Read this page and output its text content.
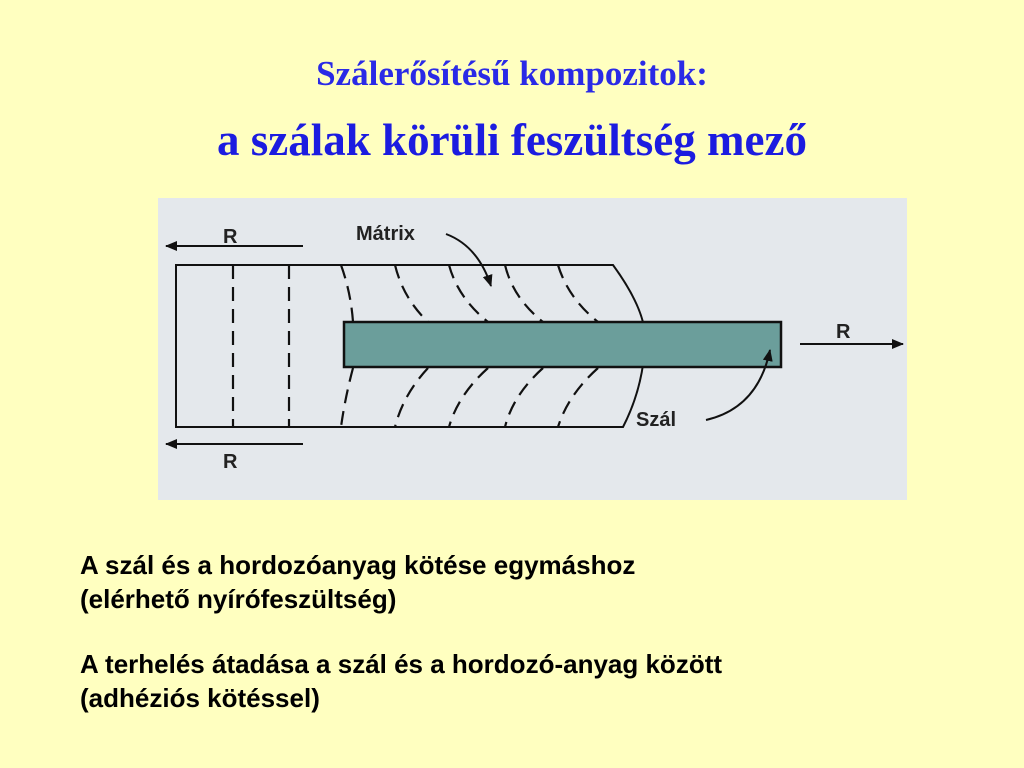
Szálerősítésű kompozitok:
a szálak körüli feszültség mező
R
R
R
Mátrix
Szál
A szál és a hordozóanyag kötése egymáshoz
(elérhető nyírófeszültség)
A terhelés átadása a szál és a hordozó-anyag között
(adhéziós kötéssel)
